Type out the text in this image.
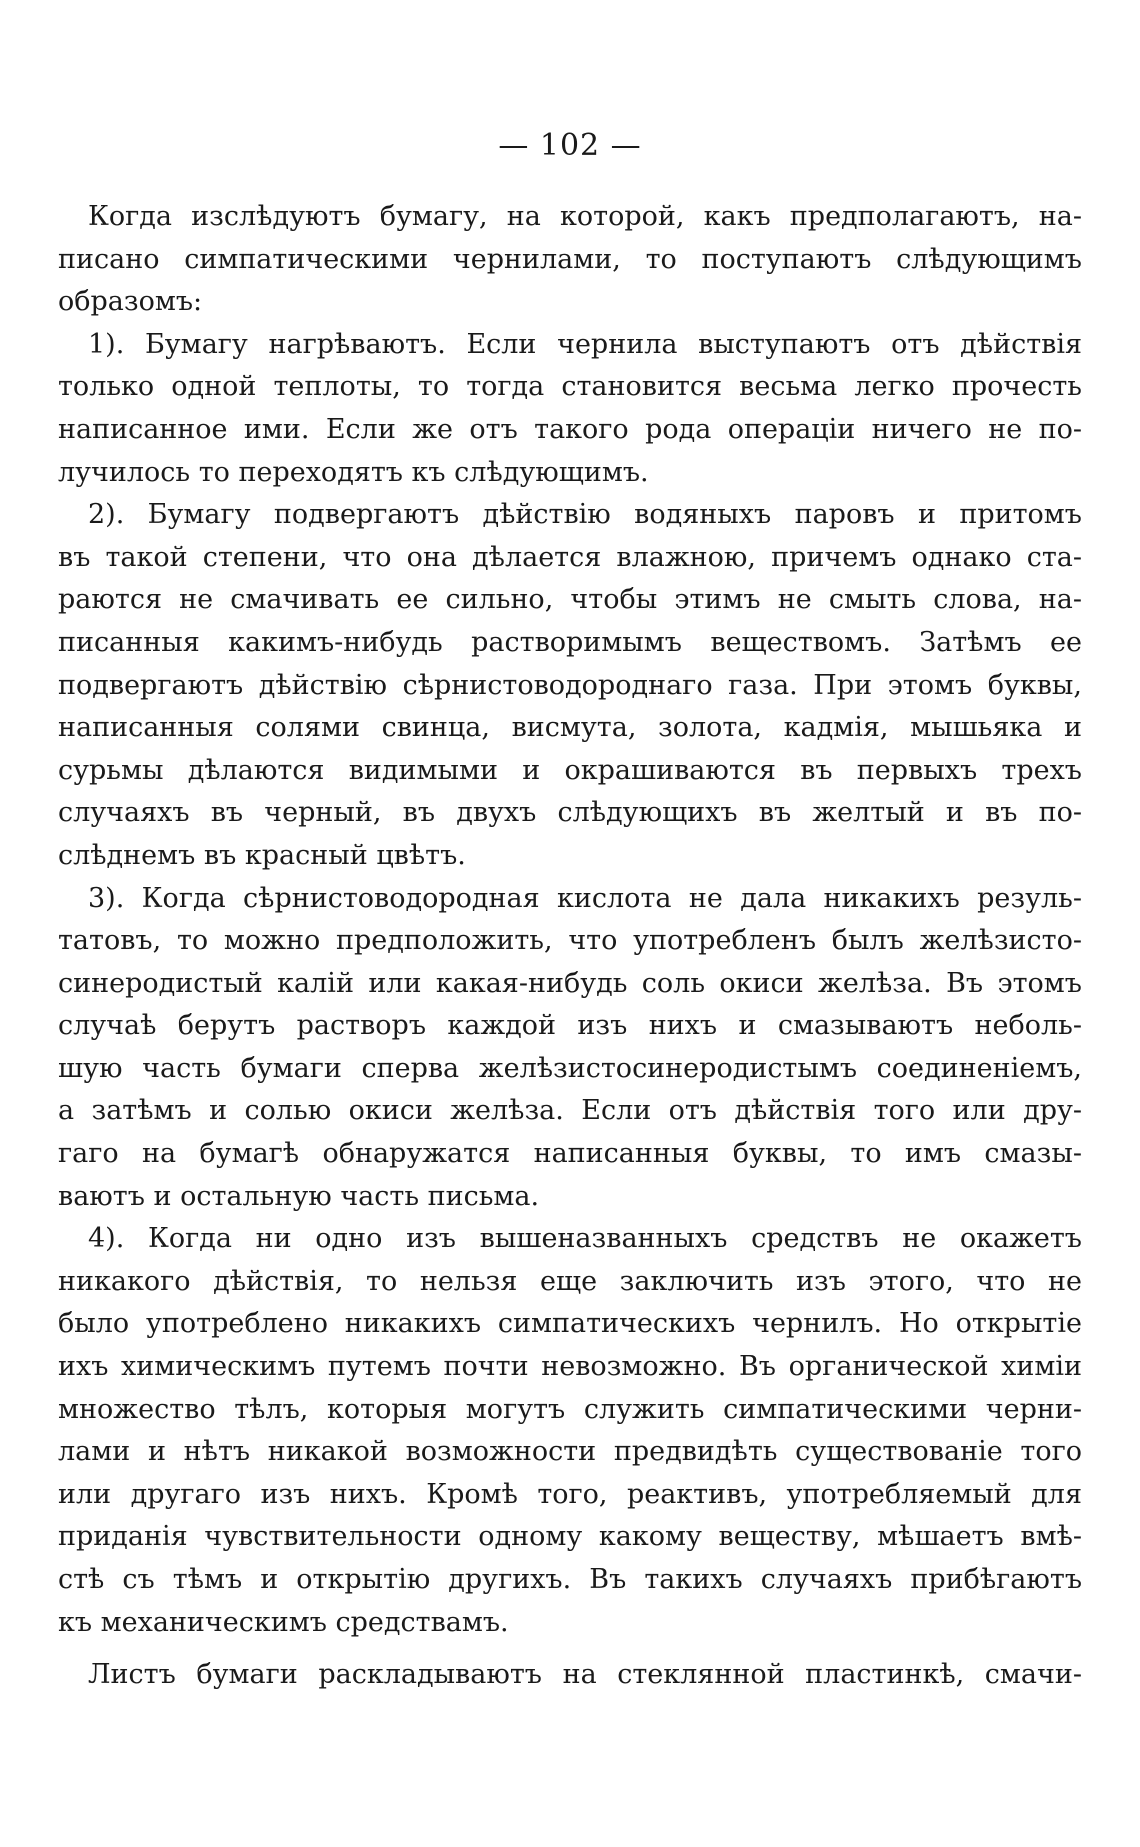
— 102 —
Когда изслѣдуютъ бумагу, на которой, какъ предполагаютъ, на-
писано симпатическими чернилами, то поступаютъ слѣдующимъ
образомъ:
1). Бумагу нагрѣваютъ. Если чернила выступаютъ отъ дѣйствія
только одной теплоты, то тогда становится весьма легко прочесть
написанное ими. Если же отъ такого рода операціи ничего не по-
лучилось то переходятъ къ слѣдующимъ.
2). Бумагу подвергаютъ дѣйствію водяныхъ паровъ и притомъ
въ такой степени, что она дѣлается влажною, причемъ однако ста-
раются не смачивать ее сильно, чтобы этимъ не смыть слова, на-
писанныя какимъ-нибудь растворимымъ веществомъ. Затѣмъ ее
подвергаютъ дѣйствію сѣрнистоводороднаго газа. При этомъ буквы,
написанныя солями свинца, висмута, золота, кадмія, мышьяка и
сурьмы дѣлаются видимыми и окрашиваются въ первыхъ трехъ
случаяхъ въ черный, въ двухъ слѣдующихъ въ желтый и въ по-
слѣднемъ въ красный цвѣтъ.
3). Когда сѣрнистоводородная кислота не дала никакихъ резуль-
татовъ, то можно предположить, что употребленъ былъ желѣзисто-
синеродистый калій или какая-нибудь соль окиси желѣза. Въ этомъ
случаѣ берутъ растворъ каждой изъ нихъ и смазываютъ неболь-
шую часть бумаги сперва желѣзистосинеродистымъ соединеніемъ,
а затѣмъ и солью окиси желѣза. Если отъ дѣйствія того или дру-
гаго на бумагѣ обнаружатся написанныя буквы, то имъ смазы-
ваютъ и остальную часть письма.
4). Когда ни одно изъ вышеназванныхъ средствъ не окажетъ
никакого дѣйствія, то нельзя еще заключить изъ этого, что не
было употреблено никакихъ симпатическихъ чернилъ. Но открытіе
ихъ химическимъ путемъ почти невозможно. Въ органической химіи
множество тѣлъ, которыя могутъ служить симпатическими черни-
лами и нѣтъ никакой возможности предвидѣть существованіе того
или другаго изъ нихъ. Кромѣ того, реактивъ, употребляемый для
приданія чувствительности одному какому веществу, мѣшаетъ вмѣ-
стѣ съ тѣмъ и открытію другихъ. Въ такихъ случаяхъ прибѣгаютъ
къ механическимъ средствамъ.
Листъ бумаги раскладываютъ на стеклянной пластинкѣ, смачи-
